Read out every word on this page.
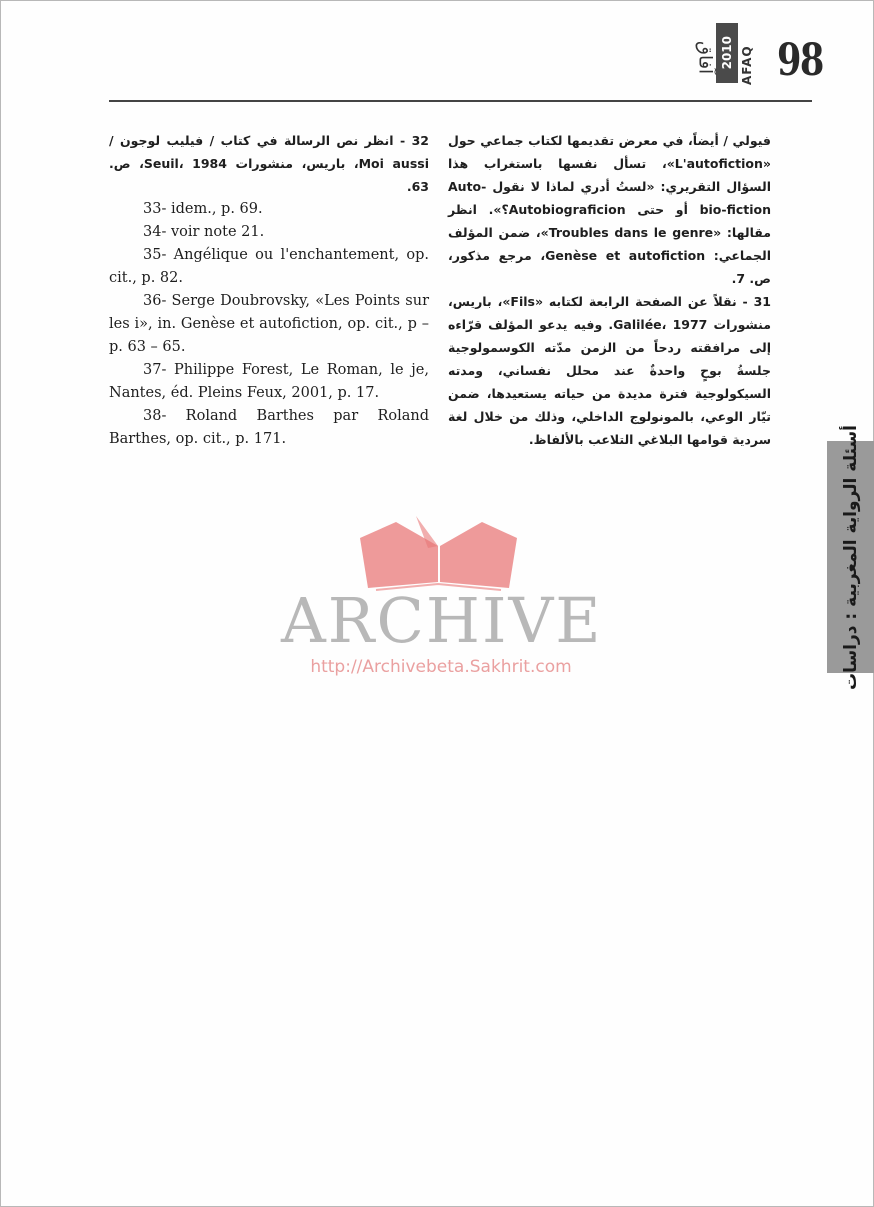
98
AFAQ
2010
آفاق

فيولي / أيضاً، في معرض تقديمها لكتاب جماعي حول «L'autofiction»، تسأل نفسها باستغراب هذا السؤال التقريري: «لستُ أدري لماذا لا نقول Auto-bio-fiction أو حتى Autobiograficion؟». انظر مقالها: «Troubles dans le genre»، ضمن المؤلف الجماعي: Genèse et autofiction، مرجع مذكور، ص. 7.

31 - نقلاً عن الصفحة الرابعة لكتابه «Fils»، باريس، منشورات Galilée، 1977. وفيه يدعو المؤلف قرّاءه إلى مرافقته ردحاً من الزمن مدّته الكوسمولوجية جلسةُ بوحٍ واحدةٌ عند محلل نفساني، ومدته السيكولوجية فترة مديدة من حياته يستعيدها، ضمن تيّار الوعي، بالمونولوج الداخلي، وذلك من خلال لغة سردية قوامها البلاغي التلاعب بالألفاظ.

32 - انظر نص الرسالة في كتاب / فيليب لوجون / Moi aussi، باريس، منشورات Seuil، 1984، ص. 63.

33- idem., p. 69.

34- voir note 21.

35- Angélique ou l'enchantement, op. cit., p. 82.

36- Serge Doubrovsky, «Les Points sur les i», in. Genèse et autofiction, op. cit., p – p. 63 – 65.

37- Philippe Forest, Le Roman, le je, Nantes, éd. Pleins Feux, 2001, p. 17.

38- Roland Barthes par Roland Barthes, op. cit., p. 171.	أسئلة الرواية المغربية : دراسات
ARCHIVE
http://Archivebeta.Sakhrit.com
